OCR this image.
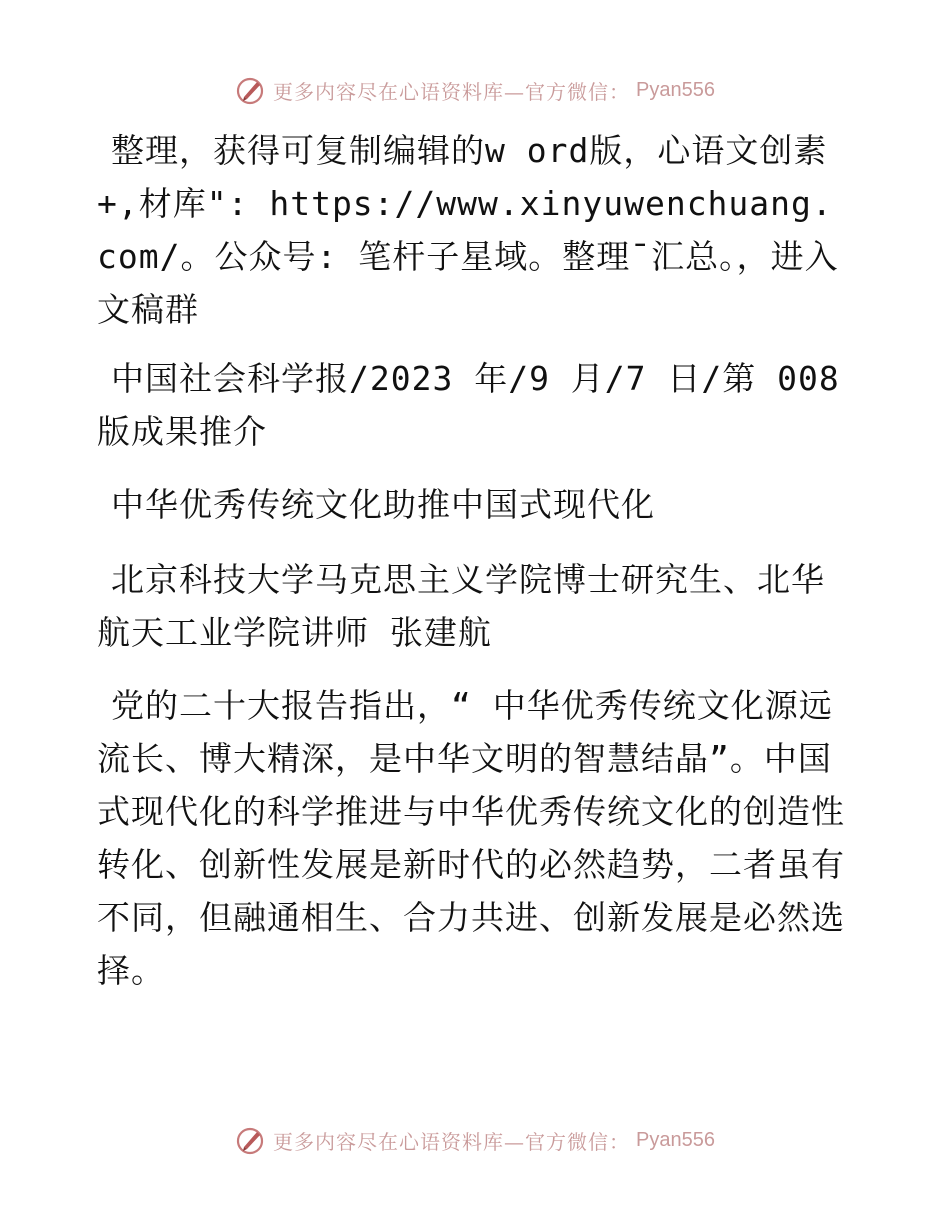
更多内容尽在心语资料库—官方微信： Pyan556

整理，获得可复制编辑的w ord版，心语文创素+,材库": https://www.xinyuwenchuang.com/。公众号: 笔杆子星域。整理¯汇总。，进入文稿群

中国社会科学报/2023 年/9 月/7 日/第 008 版成果推介

中华优秀传统文化助推中国式现代化

北京科技大学马克思主义学院博士研究生、北华航天工业学院讲师 张建航

党的二十大报告指出，“ 中华优秀传统文化源远流长、博大精深，是中华文明的智慧结晶”。中国式现代化的科学推进与中华优秀传统文化的创造性转化、创新性发展是新时代的必然趋势，二者虽有不同，但融通相生、合力共进、创新发展是必然选择。

更多内容尽在心语资料库—官方微信： Pyan556
